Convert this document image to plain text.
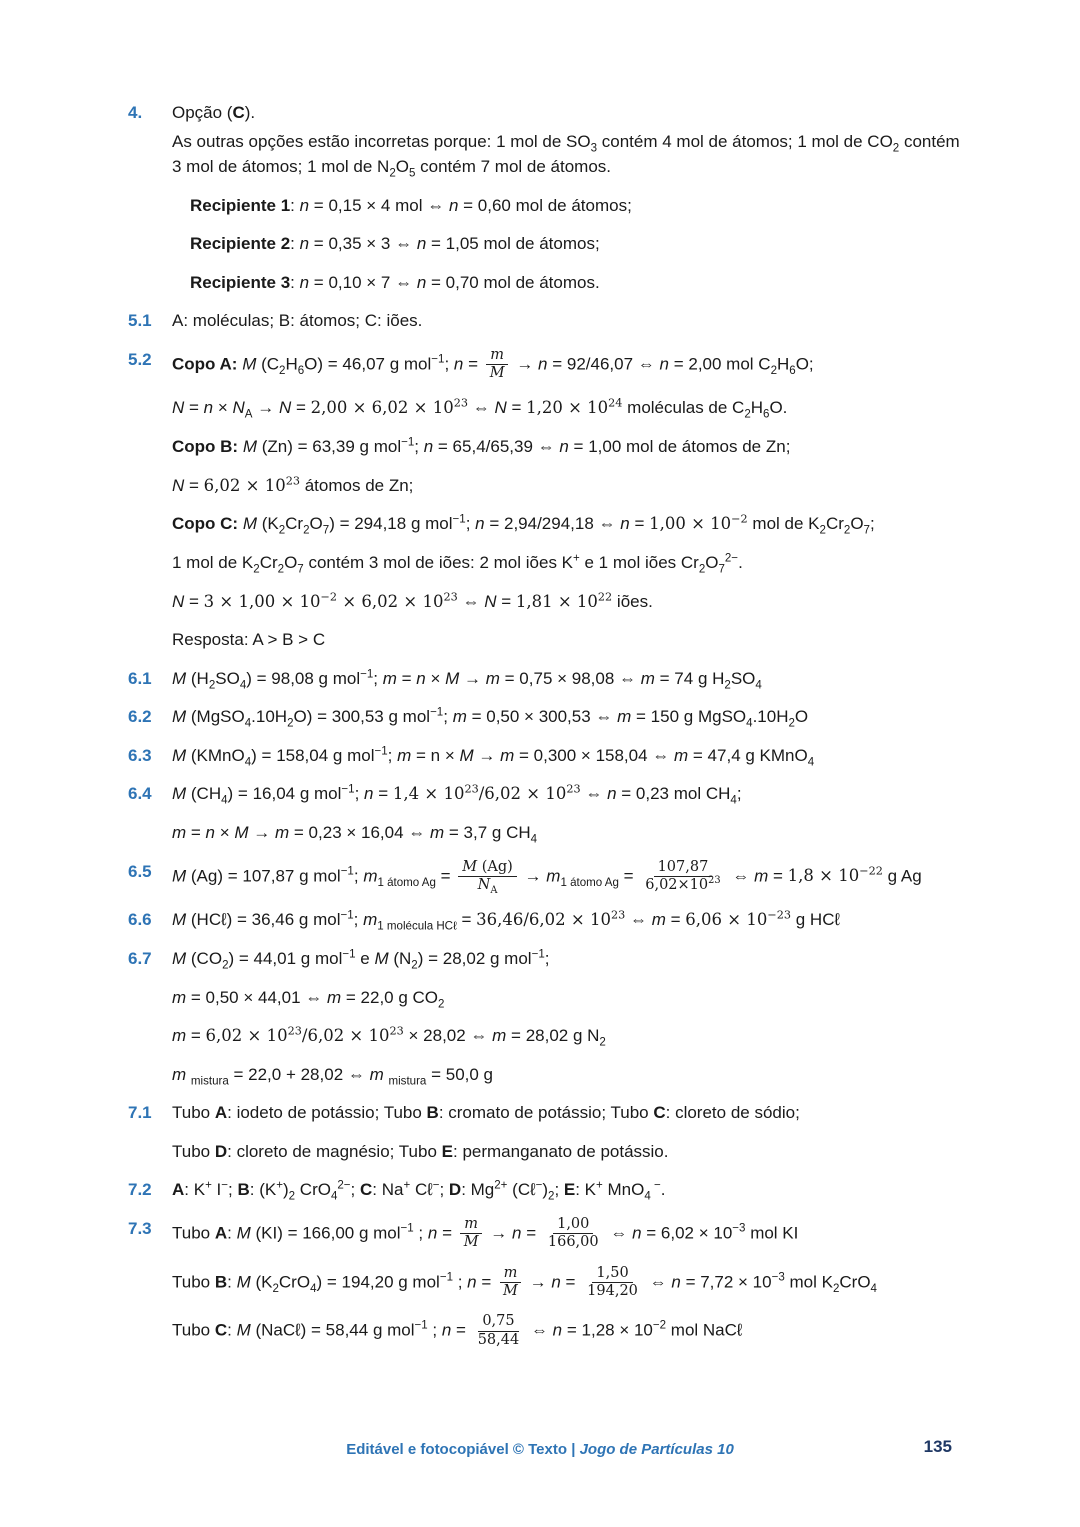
4.	Opção (C).
As outras opções estão incorretas porque: 1 mol de $SO_3$ contém 4 mol de átomos; 1 mol de $CO_2$ contém 3 mol de átomos; 1 mol de $N_2O_5$ contém 7 mol de átomos.
Recipiente 1: n = 0,15 × 4 mol ⇔ n = 0,60 mol de átomos;
Recipiente 2: n = 0,35 × 3 ⇔ n = 1,05 mol de átomos;
Recipiente 3: n = 0,10 × 7 ⇔ n = 0,70 mol de átomos.
5.1	A: moléculas; B: átomos; C: iões.
5.2	Copo A: M $(C_2H_6O) = 46,07$ g mol$^{-1}$; $n = \frac{m}{M} \to n = 92/46,07$ ⇔ n = 2,00 mol $C_2H_6O$;
$N = n \times N_A \to N = 2,00 \times 6,02 \times 10^{23}$ ⇔ $N = 1,20 \times 10^{24}$ moléculas de $C_2H_6O$.
Copo B: M (Zn) = 63,39 g mol$^{-1}$; n = 65,4/65,39 ⇔ n = 1,00 mol de átomos de Zn;
$N = 6,02 \times 10^{23}$ átomos de Zn;
Copo C: M $(K_2Cr_2O_7) = 294,18$ g mol$^{-1}$; n = 2,94/294,18 ⇔ $n = 1,00 \times 10^{-2}$ mol de $K_2Cr_2O_7$;
1 mol de $K_2Cr_2O_7$ contém 3 mol de iões: 2 mol iões K+ e 1 mol iões $Cr_2O_7^{2-}$.
$N = 3 \times 1,00 \times 10^{-2} \times 6,02 \times 10^{23}$ ⇔ $N = 1,81 \times 10^{22}$ iões.
Resposta: A > B > C
6.1	M $(H_2SO_4) = 98,08$ g mol$^{-1}$; m = n × M → m = 0,75 × 98,08 ⇔ m = 74 g $H_2SO_4$
6.2	M $(MgSO_4.10H_2O) = 300,53$ g mol$^{-1}$; m = 0,50 × 300,53 ⇔ m = 150 g $MgSO_4.10H_2O$
6.3	M (KMnO$_4$) = 158,04 g mol$^{-1}$; m = n × M → m = 0,300 × 158,04 ⇔ m = 47,4 g KMnO$_4$
6.4	M $(CH_4) = 16,04$ g mol$^{-1}$; $n = 1,4 \times 10^{23}/6,02 \times 10^{23}$ ⇔ n = 0,23 mol $CH_4$;
m = n × M → m = 0,23 × 16,04 ⇔ m = 3,7 g $CH_4$
6.5	M (Ag) = 107,87 g mol$^{-1}$; $m_{1 átomo Ag} = \frac{M (Ag)}{N_A} \to m_{1 átomo Ag} = \frac{107,87}{6,02\times 10^{23}}$ ⇔ $m = 1,8 \times 10^{-22}$ g Ag
6.6	M (HCℓ) = 36,46 g mol$^{-1}$; $m_{1 molécula HC\ell} = 36,46/6,02 \times 10^{23}$ ⇔ $m = 6,06 \times 10^{-23}$ g HCℓ
6.7	M $(CO_2) = 44,01$ g mol$^{-1}$ e M $(N_2) = 28,02$ g mol$^{-1}$;
m = 0,50 × 44,01 ⇔ m = 22,0 g $CO_2$
$m = 6,02 \times 10^{23}/6,02 \times 10^{23} \times 28,02$ ⇔ m = 28,02 g $N_2$
m $_{mistura}$ = 22,0 + 28,02 ⇔ m $_{mistura}$ = 50,0 g
7.1	Tubo A: iodeto de potássio; Tubo B: cromato de potássio; Tubo C: cloreto de sódio;
Tubo D: cloreto de magnésio; Tubo E: permanganato de potássio.
7.2	A: K+ I−; B: $(K^+)_2$ CrO$_4^{2-}$; C: Na+ Cℓ−; D: $Mg^{2+}$ $(C\ell^-)_2$; E: K+ MnO$_4$ −.
7.3	Tubo A: M (KI) = 166,00 g mol$^{-1}$ ; $n = \frac{m}{M} \to n = \frac{1,00}{166,00}$ ⇔ $n = 6,02 \times 10^{-3}$ mol KI
Tubo B: M $(K_2CrO_4) = 194,20$ g mol$^{-1}$ ; $n = \frac{m}{M} \to n = \frac{1,50}{194,20}$ ⇔ $n = 7,72 \times 10^{-3}$ mol $K_2CrO_4$
Tubo C: M (NaCℓ) = 58,44 g mol$^{-1}$ ; $n = \frac{0,75}{58,44}$ ⇔ $n = 1,28 \times 10^{-2}$ mol NaCℓ
Editável e fotocopiável © Texto | Jogo de Partículas 10	135
